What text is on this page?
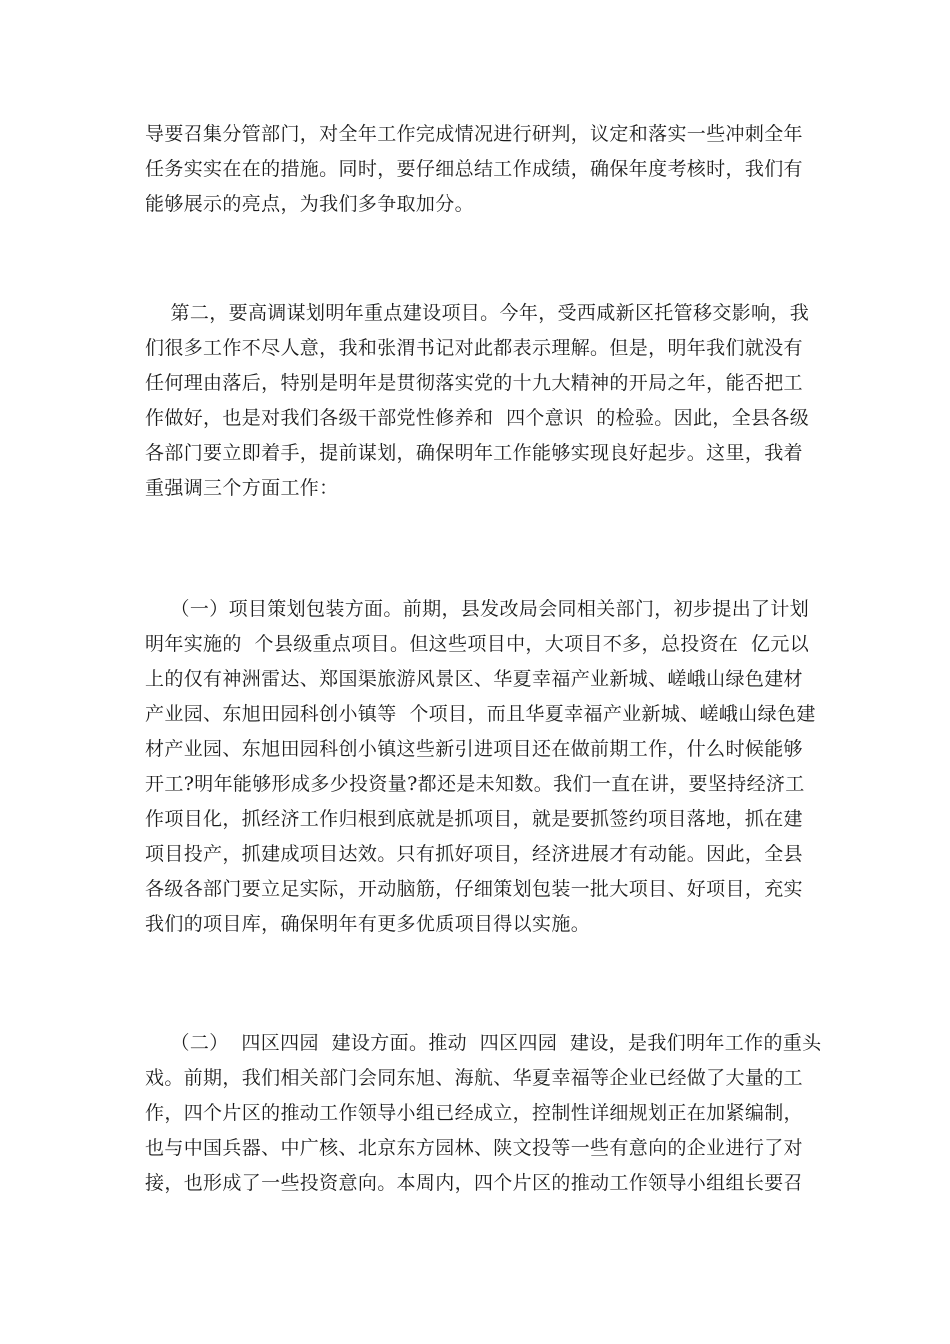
导要召集分管部门，对全年工作完成情况进行研判，议定和落实一些冲刺全年
任务实实在在的措施。同时，要仔细总结工作成绩，确保年度考核时，我们有
能够展示的亮点，为我们多争取加分。
第二，要高调谋划明年重点建设项目。今年，受西咸新区托管移交影响，我
们很多工作不尽人意，我和张渭书记对此都表示理解。但是，明年我们就没有
任何理由落后，特别是明年是贯彻落实党的十九大精神的开局之年，能否把工
作做好，也是对我们各级干部党性修养和  四个意识  的检验。因此，全县各级
各部门要立即着手，提前谋划，确保明年工作能够实现良好起步。这里，我着
重强调三个方面工作：
（一）项目策划包装方面。前期，县发改局会同相关部门，初步提出了计划
明年实施的  个县级重点项目。但这些项目中，大项目不多，总投资在  亿元以
上的仅有神洲雷达、郑国渠旅游风景区、华夏幸福产业新城、嵯峨山绿色建材
产业园、东旭田园科创小镇等  个项目，而且华夏幸福产业新城、嵯峨山绿色建
材产业园、东旭田园科创小镇这些新引进项目还在做前期工作，什么时候能够
开工?明年能够形成多少投资量?都还是未知数。我们一直在讲，要坚持经济工
作项目化，抓经济工作归根到底就是抓项目，就是要抓签约项目落地，抓在建
项目投产，抓建成项目达效。只有抓好项目，经济进展才有动能。因此，全县
各级各部门要立足实际，开动脑筋，仔细策划包装一批大项目、好项目，充实
我们的项目库，确保明年有更多优质项目得以实施。
（二）  四区四园  建设方面。推动  四区四园  建设，是我们明年工作的重头
戏。前期，我们相关部门会同东旭、海航、华夏幸福等企业已经做了大量的工
作，四个片区的推动工作领导小组已经成立，控制性详细规划正在加紧编制，
也与中国兵器、中广核、北京东方园林、陕文投等一些有意向的企业进行了对
接，也形成了一些投资意向。本周内，四个片区的推动工作领导小组组长要召
